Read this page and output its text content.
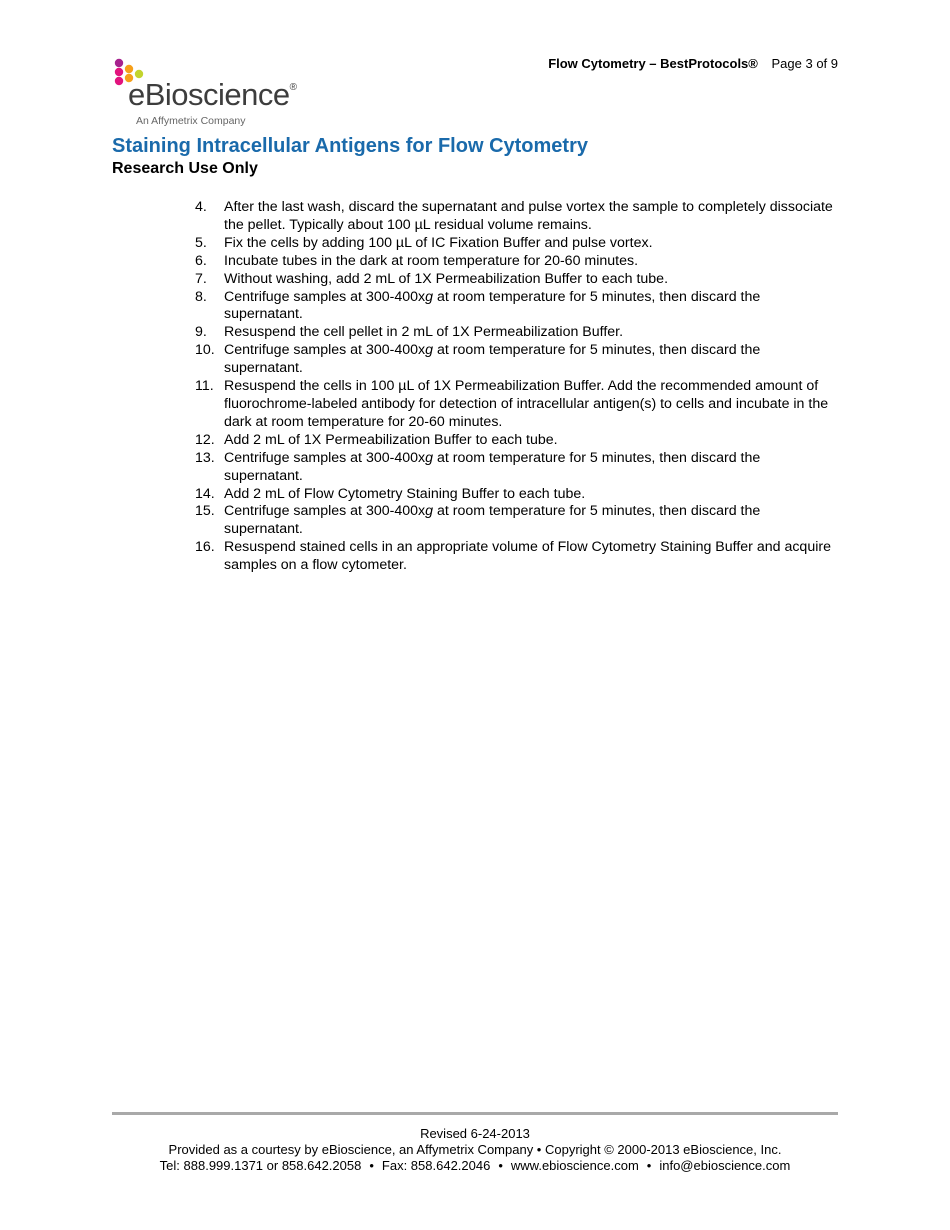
Flow Cytometry – BestProtocols® Page 3 of 9
eBioscience®
An Affymetrix Company
Staining Intracellular Antigens for Flow Cytometry
Research Use Only
4. After the last wash, discard the supernatant and pulse vortex the sample to completely dissociate the pellet. Typically about 100 µL residual volume remains.
5. Fix the cells by adding 100 µL of IC Fixation Buffer and pulse vortex.
6. Incubate tubes in the dark at room temperature for 20-60 minutes.
7. Without washing, add 2 mL of 1X Permeabilization Buffer to each tube.
8. Centrifuge samples at 300-400xg at room temperature for 5 minutes, then discard the supernatant.
9. Resuspend the cell pellet in 2 mL of 1X Permeabilization Buffer.
10. Centrifuge samples at 300-400xg at room temperature for 5 minutes, then discard the supernatant.
11. Resuspend the cells in 100 µL of 1X Permeabilization Buffer. Add the recommended amount of fluorochrome-labeled antibody for detection of intracellular antigen(s) to cells and incubate in the dark at room temperature for 20-60 minutes.
12. Add 2 mL of 1X Permeabilization Buffer to each tube.
13. Centrifuge samples at 300-400xg at room temperature for 5 minutes, then discard the supernatant.
14. Add 2 mL of Flow Cytometry Staining Buffer to each tube.
15. Centrifuge samples at 300-400xg at room temperature for 5 minutes, then discard the supernatant.
16. Resuspend stained cells in an appropriate volume of Flow Cytometry Staining Buffer and acquire samples on a flow cytometer.
Revised 6-24-2013
Provided as a courtesy by eBioscience, an Affymetrix Company • Copyright © 2000-2013 eBioscience, Inc.
Tel: 888.999.1371 or 858.642.2058 • Fax: 858.642.2046 • www.ebioscience.com • info@ebioscience.com
